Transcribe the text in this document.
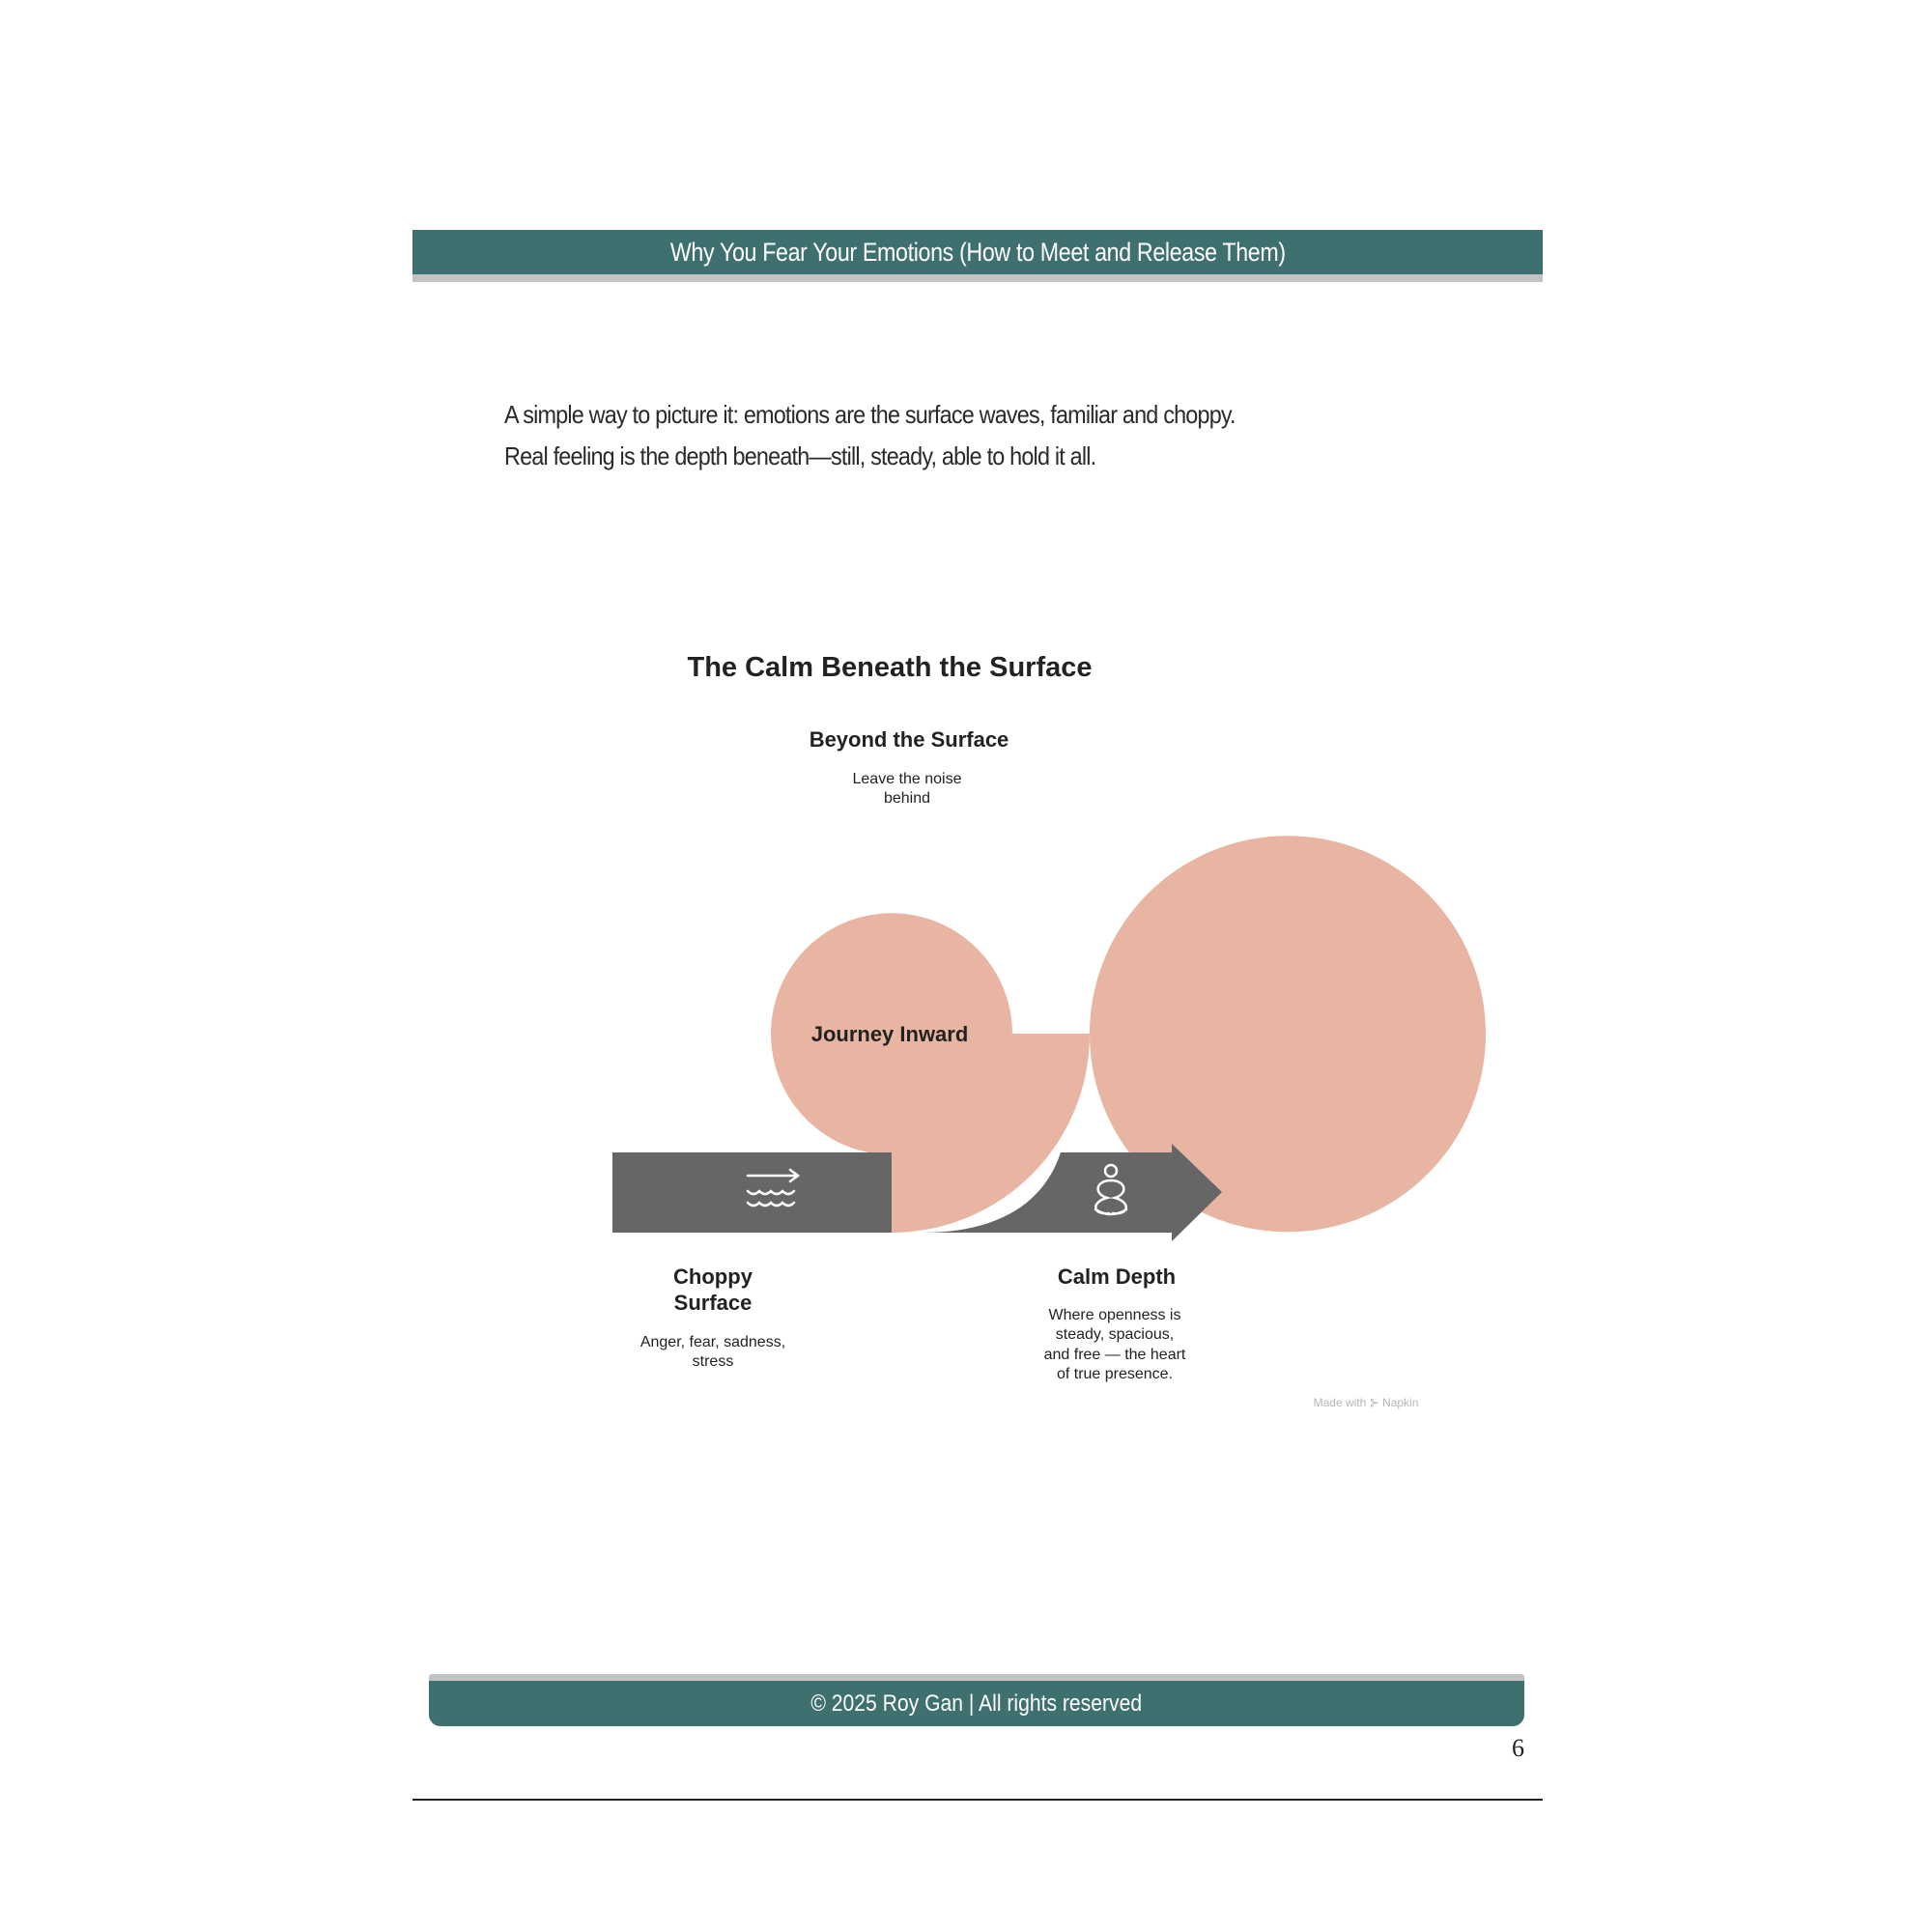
Why You Fear Your Emotions (How to Meet and Release Them)

A simple way to picture it: emotions are the surface waves, familiar and choppy.

Real feeling is the depth beneath—still, steady, able to hold it all.

The Calm Beneath the Surface
Beyond the Surface
Leave the noise
behind
Journey Inward
Choppy
Surface
Anger, fear, sadness,
stress
Calm Depth
Where openness is
steady, spacious,
and free — the heart
of true presence.
Made with ⊱ Napkin
© 2025 Roy Gan | All rights reserved
6
